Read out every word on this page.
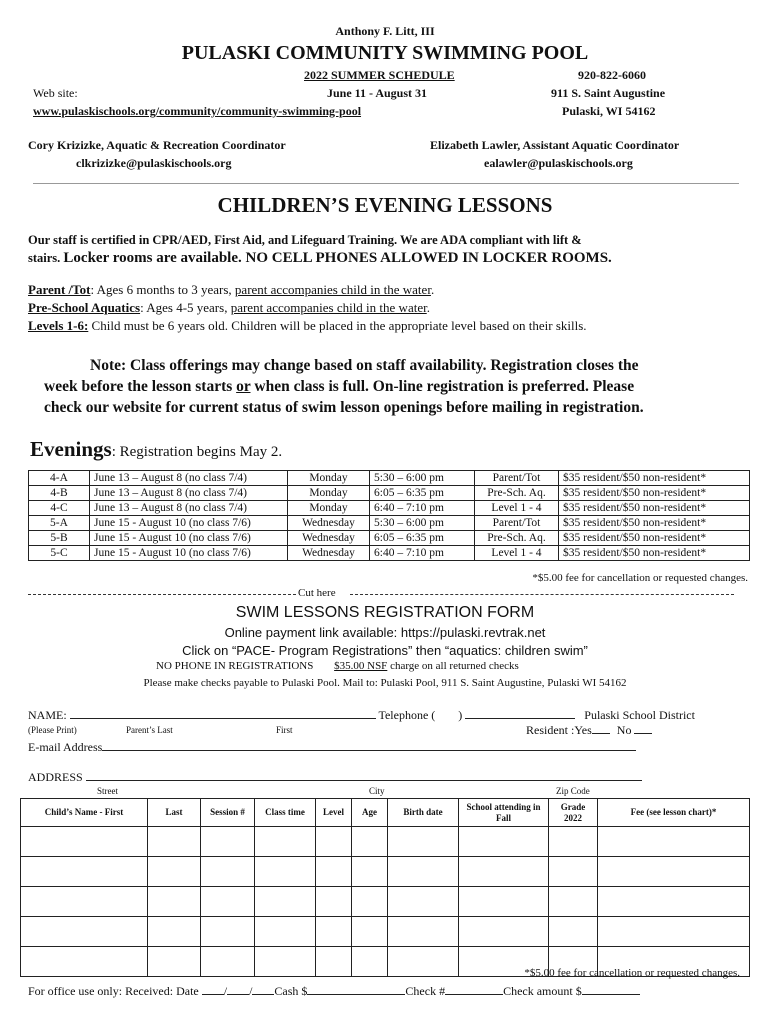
Anthony F. Litt, III
PULASKI COMMUNITY SWIMMING POOL
2022 SUMMER SCHEDULE	920-822-6060
Web site:	June 11 - August 31	911 S. Saint Augustine
www.pulaskischools.org/community/community-swimming-pool	Pulaski, WI 54162
Cory Krizizke, Aquatic & Recreation Coordinator
clkrizizke@pulaskischools.org
Elizabeth Lawler, Assistant Aquatic Coordinator
ealawler@pulaskischools.org
CHILDREN’S EVENING LESSONS
Our staff is certified in CPR/AED, First Aid, and Lifeguard Training. We are ADA compliant with lift &
stairs. Locker rooms are available. NO CELL PHONES ALLOWED IN LOCKER ROOMS.
Parent /Tot: Ages 6 months to 3 years, parent accompanies child in the water.
Pre-School Aquatics: Ages 4-5 years, parent accompanies child in the water.
Levels 1-6: Child must be 6 years old. Children will be placed in the appropriate level based on their skills.
Note: Class offerings may change based on staff availability. Registration closes the
week before the lesson starts or when class is full. On-line registration is preferred. Please
check our website for current status of swim lesson openings before mailing in registration.
Evenings: Registration begins May 2.
4-A	June 13 – August 8 (no class 7/4)	Monday	5:30 – 6:00 pm	Parent/Tot	$35 resident/$50 non-resident*
4-B	June 13 – August 8 (no class 7/4)	Monday	6:05 – 6:35 pm	Pre-Sch. Aq.	$35 resident/$50 non-resident*
4-C	June 13 – August 8 (no class 7/4)	Monday	6:40 – 7:10 pm	Level 1 - 4	$35 resident/$50 non-resident*
5-A	June 15 - August 10 (no class 7/6)	Wednesday	5:30 – 6:00 pm	Parent/Tot	$35 resident/$50 non-resident*
5-B	June 15 - August 10 (no class 7/6)	Wednesday	6:05 – 6:35 pm	Pre-Sch. Aq.	$35 resident/$50 non-resident*
5-C	June 15 - August 10 (no class 7/6)	Wednesday	6:40 – 7:10 pm	Level 1 - 4	$35 resident/$50 non-resident*
*$5.00 fee for cancellation or requested changes.
Cut here
SWIM LESSONS REGISTRATION FORM
Online payment link available: https://pulaski.revtrak.net
Click on “PACE- Program Registrations” then “aquatics: children swim”
NO PHONE IN REGISTRATIONS $35.00 NSF charge on all returned checks
Please make checks payable to Pulaski Pool. Mail to: Pulaski Pool, 911 S. Saint Augustine, Pulaski WI 54162
NAME:	Telephone ( )	Pulaski School District
(Please Print)	Parent’s Last	First	Resident :Yes No
E-mail Address
ADDRESS
Street	City	Zip Code
Child’s Name - First	Last	Session #	Class time	Level	Age	Birth date	School attending in Fall	Grade 2022	Fee (see lesson chart)*

*$5.00 fee for cancellation or requested changes.
For office use only: Received: Date / / Cash $	Check #	Check amount $
